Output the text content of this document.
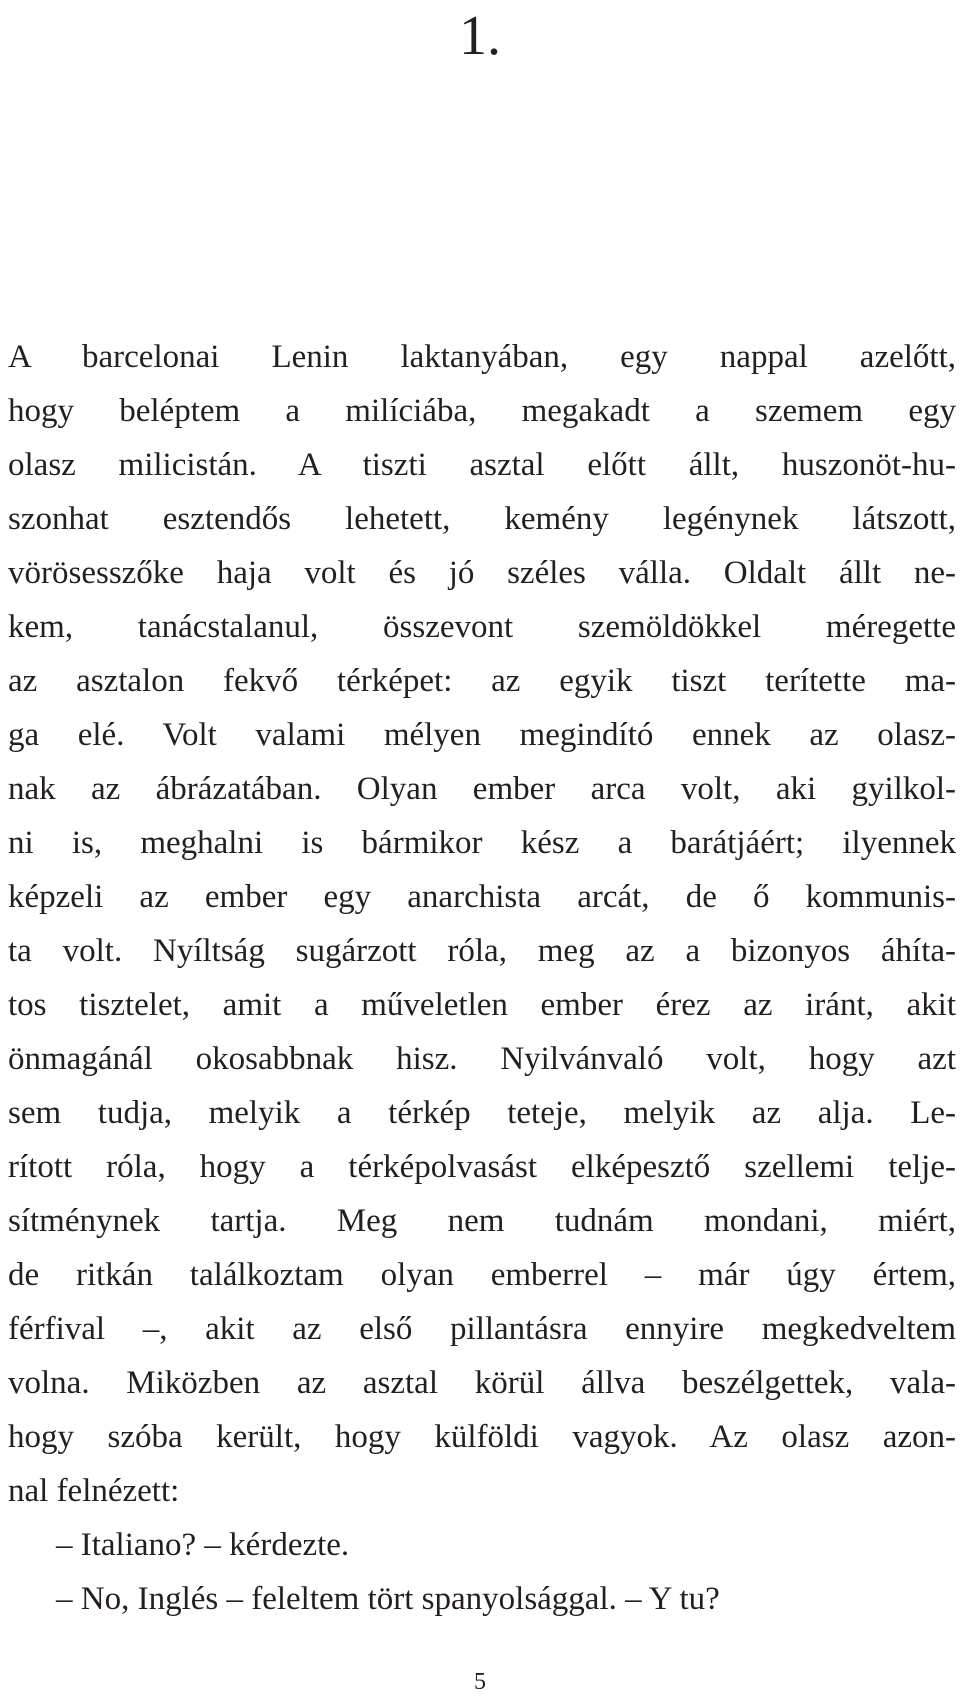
1.
A barcelonai Lenin laktanyában, egy nappal azelőtt,
hogy beléptem a milíciába, megakadt a szemem egy
olasz milicistán. A tiszti asztal előtt állt, huszonöt-hu-
szonhat esztendős lehetett, kemény legénynek látszott,
vörösesszőke haja volt és jó széles válla. Oldalt állt ne-
kem, tanácstalanul, összevont szemöldökkel méregette
az asztalon fekvő térképet: az egyik tiszt terítette ma-
ga elé. Volt valami mélyen megindító ennek az olasz-
nak az ábrázatában. Olyan ember arca volt, aki gyilkol-
ni is, meghalni is bármikor kész a barátjáért; ilyennek
képzeli az ember egy anarchista arcát, de ő kommunis-
ta volt. Nyíltság sugárzott róla, meg az a bizonyos áhíta-
tos tisztelet, amit a műveletlen ember érez az iránt, akit
önmagánál okosabbnak hisz. Nyilvánvaló volt, hogy azt
sem tudja, melyik a térkép teteje, melyik az alja. Le-
rított róla, hogy a térképolvasást elképesztő szellemi telje-
sítménynek tartja. Meg nem tudnám mondani, miért,
de ritkán találkoztam olyan emberrel – már úgy értem,
férfival –, akit az első pillantásra ennyire megkedveltem
volna. Miközben az asztal körül állva beszélgettek, vala-
hogy szóba került, hogy külföldi vagyok. Az olasz azon-
nal felnézett:
– Italiano? – kérdezte.
– No, Inglés – feleltem tört spanyolsággal. – Y tu?
5
